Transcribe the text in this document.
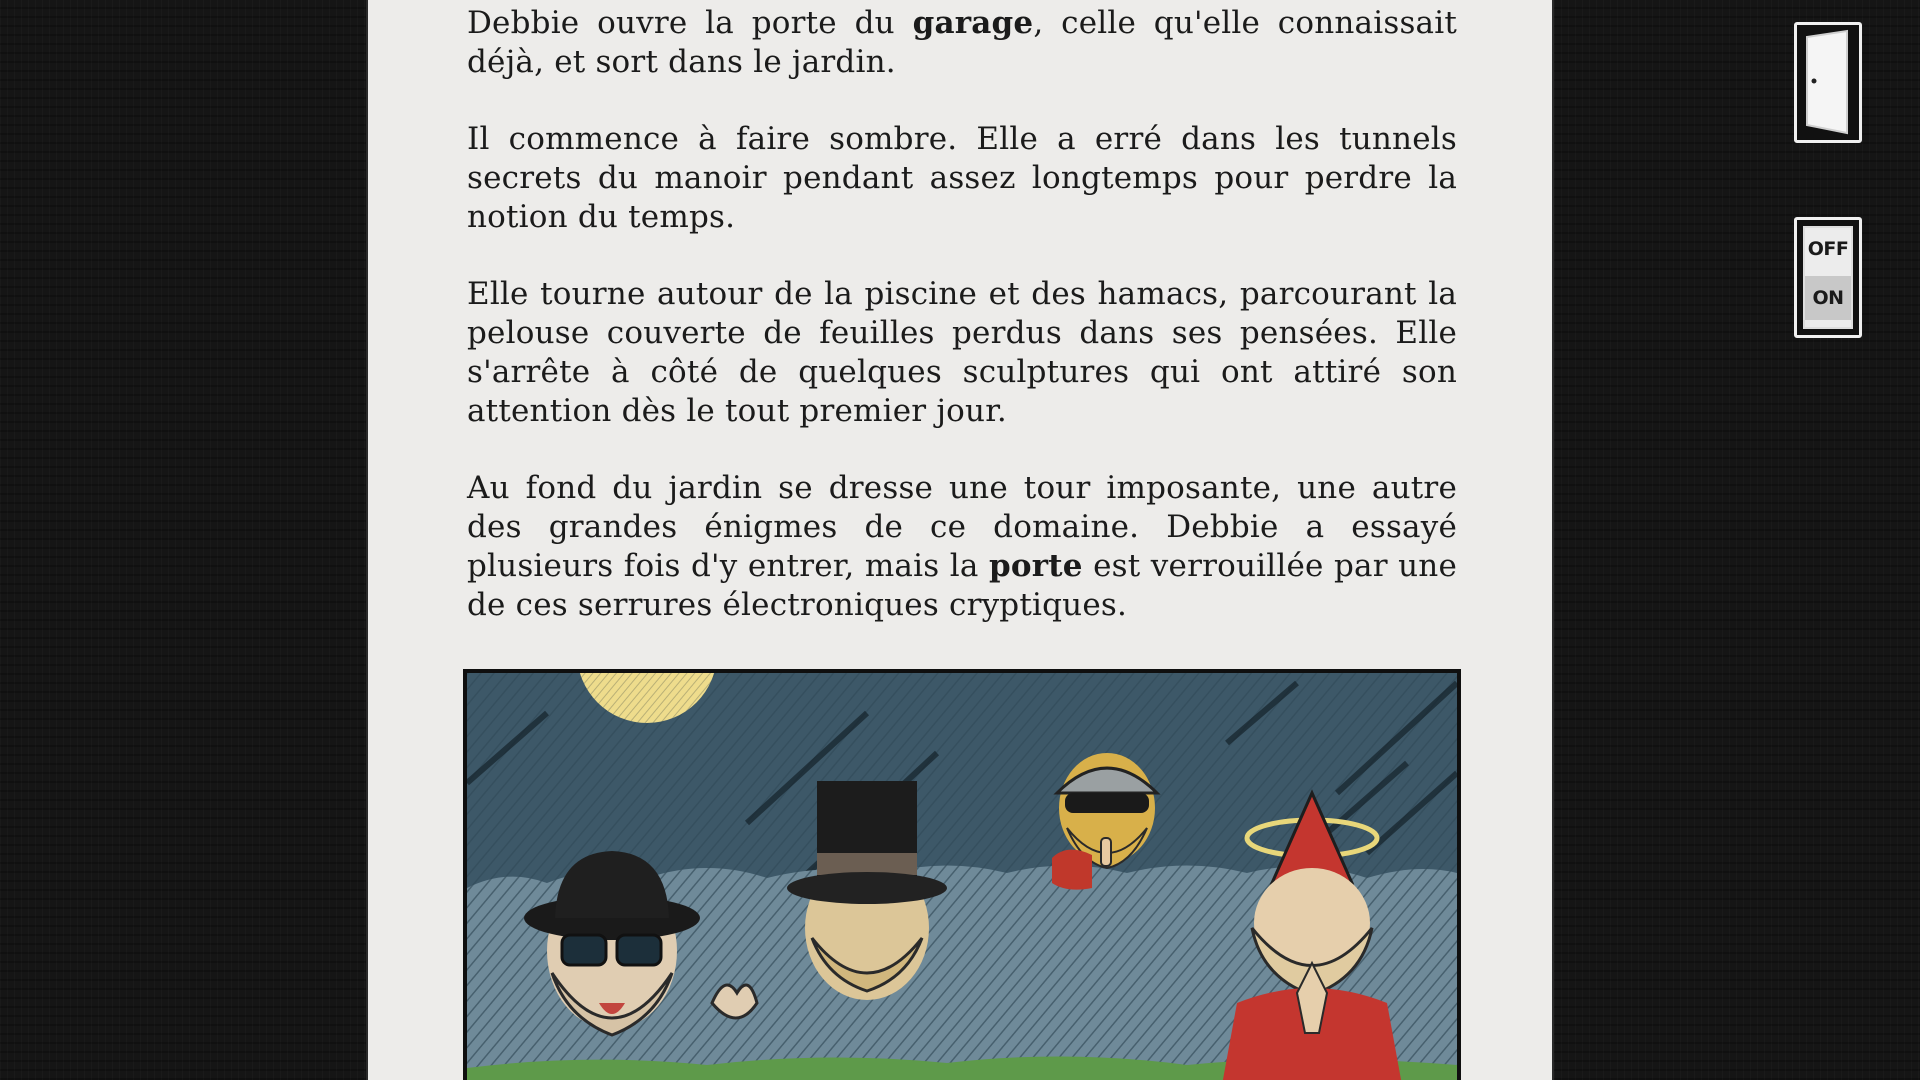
Debbie ouvre la porte du garage, celle qu'elle connaissait déjà, et sort dans le jardin.

Il commence à faire sombre. Elle a erré dans les tunnels secrets du manoir pendant assez longtemps pour perdre la notion du temps.

Elle tourne autour de la piscine et des hamacs, parcourant la pelouse couverte de feuilles perdus dans ses pensées. Elle s'arrête à côté de quelques sculptures qui ont attiré son attention dès le tout premier jour.

Au fond du jardin se dresse une tour imposante, une autre des grandes énigmes de ce domaine. Debbie a essayé plusieurs fois d'y entrer, mais la porte est verrouillée par une de ces serrures électroniques cryptiques.

OFF
ON
